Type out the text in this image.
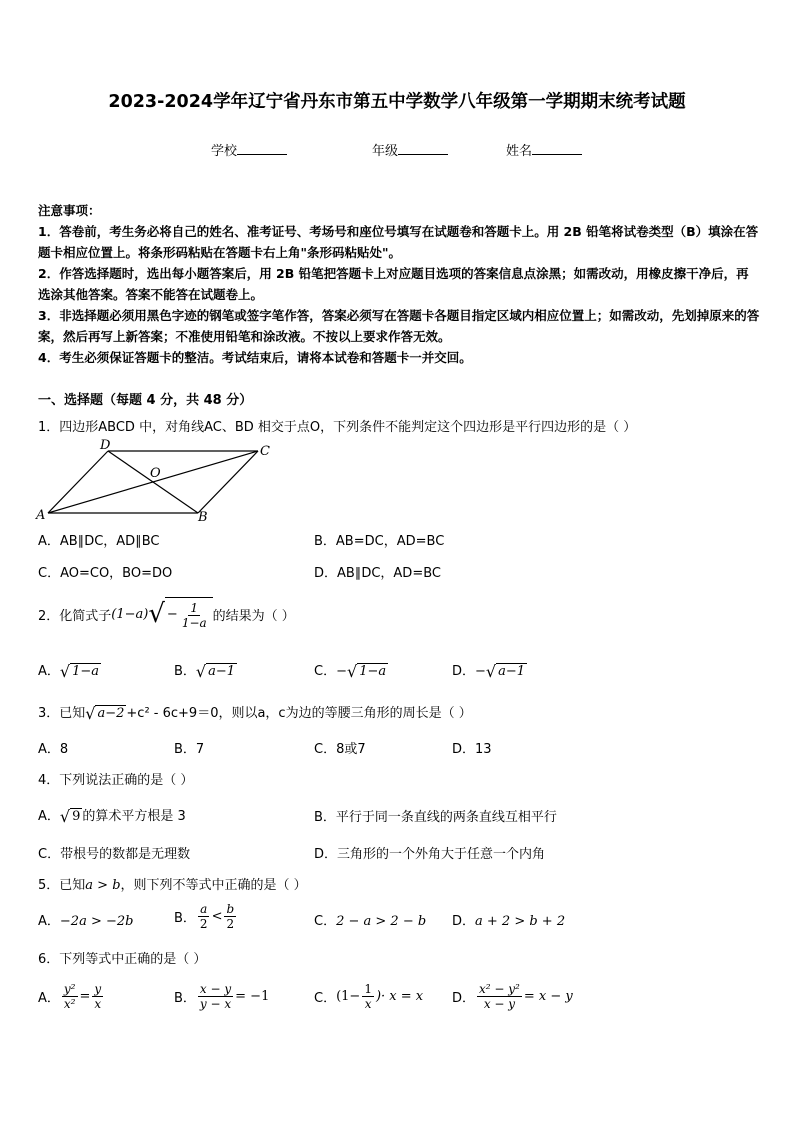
2023-2024学年辽宁省丹东市第五中学数学八年级第一学期期末统考试题
学校	年级	姓名

注意事项：

1．答卷前，考生务必将自己的姓名、准考证号、考场号和座位号填写在试题卷和答题卡上。用 2B 铅笔将试卷类型（B）填涂在答题卡相应位置上。将条形码粘贴在答题卡右上角"条形码粘贴处"。

2．作答选择题时，选出每小题答案后，用 2B 铅笔把答题卡上对应题目选项的答案信息点涂黑；如需改动，用橡皮擦干净后，再选涂其他答案。答案不能答在试题卷上。

3．非选择题必须用黑色字迹的钢笔或签字笔作答，答案必须写在答题卡各题目指定区域内相应位置上；如需改动，先划掉原来的答案，然后再写上新答案；不准使用铅笔和涂改液。不按以上要求作答无效。

4．考生必须保证答题卡的整洁。考试结束后，请将本试卷和答题卡一并交回。

一、选择题（每题 4 分，共 48 分）
1．四边形ABCD 中，对角线AC、BD 相交于点O，下列条件不能判定这个四边形是平行四边形的是（ ）
A	B
C
D
O
A．AB∥DC，AD∥BC	B．AB=DC，AD=BC
C．AO=CO，BO=DO	D．AB∥DC，AD=BC
2．化简式子 (1−a) √ − $\frac{1}{1-a}$ 的结果为（ ）
A． √ 1−a	B． √ a−1	C．− √ 1−a	D．− √ a−1
3．已知 √ a−2 +c² - 6c+9＝0，则以a，c为边的等腰三角形的周长是（ ）
A．8	B．7	C．8或7	D．13
4．下列说法正确的是（ ）
A． √ 9 的算术平方根是 3	B．平行于同一条直线的两条直线互相平行
C．带根号的数都是无理数	D．三角形的一个外角大于任意一个内角
5．已知a > b，则下列不等式中正确的是（ ）
A．−2a > −2b	B． $\frac{a}{2} < \frac{b}{2}$	C．2 − a > 2 − b D．a + 2 > b + 2
6．下列等式中正确的是（ ）
A． $\frac{\text{y²}}{\text{x²}} = \frac{y}{x}$	B． $\frac{x - y}{y - x} = -1$	C． ($1- \frac{1}{x}$ )· x = x D． $\frac{\text{x² − y²}}{x - y} = x - y$
